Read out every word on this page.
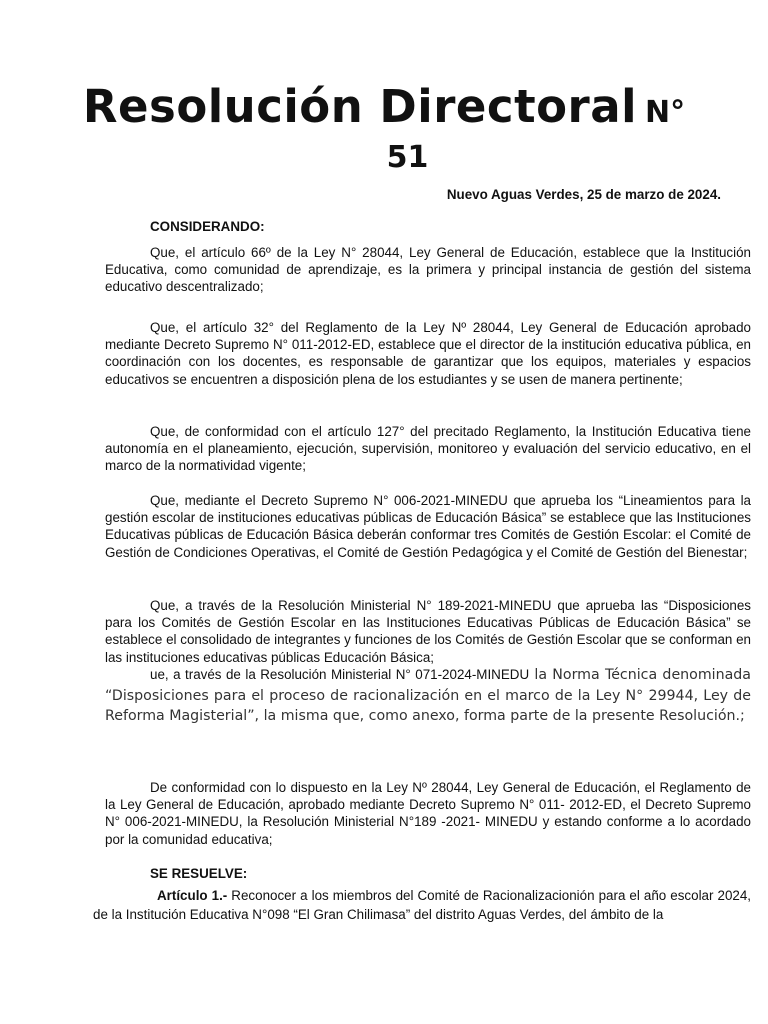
Resolución Directoral N°
51
Nuevo Aguas Verdes, 25 de marzo de 2024.
CONSIDERANDO:

Que, el artículo 66º de la Ley N° 28044, Ley General de Educación, establece que la Institución Educativa, como comunidad de aprendizaje, es la primera y principal instancia de gestión del sistema educativo descentralizado;

Que, el artículo 32° del Reglamento de la Ley Nº 28044, Ley General de Educación aprobado mediante Decreto Supremo N° 011-2012-ED, establece que el director de la institución educativa pública, en coordinación con los docentes, es responsable de garantizar que los equipos, materiales y espacios educativos se encuentren a disposición plena de los estudiantes y se usen de manera pertinente;

Que, de conformidad con el artículo 127° del precitado Reglamento, la Institución Educativa tiene autonomía en el planeamiento, ejecución, supervisión, monitoreo y evaluación del servicio educativo, en el marco de la normatividad vigente;

Que, mediante el Decreto Supremo N° 006-2021-MINEDU que aprueba los “Lineamientos para la gestión escolar de instituciones educativas públicas de Educación Básica” se establece que las Instituciones Educativas públicas de Educación Básica deberán conformar tres Comités de Gestión Escolar: el Comité de Gestión de Condiciones Operativas, el Comité de Gestión Pedagógica y el Comité de Gestión del Bienestar;

Que, a través de la Resolución Ministerial N° 189-2021-MINEDU que aprueba las “Disposiciones para los Comités de Gestión Escolar en las Instituciones Educativas Públicas de Educación Básica” se establece el consolidado de integrantes y funciones de los Comités de Gestión Escolar que se conforman en las instituciones educativas públicas Educación Básica;

ue, a través de la Resolución Ministerial N° 071-2024-MINEDU la Norma Técnica denominada “Disposiciones para el proceso de racionalización en el marco de la Ley N° 29944, Ley de Reforma Magisterial”, la misma que, como anexo, forma parte de la presente Resolución.;

De conformidad con lo dispuesto en la Ley Nº 28044, Ley General de Educación, el Reglamento de la Ley General de Educación, aprobado mediante Decreto Supremo N° 011- 2012-ED, el Decreto Supremo N° 006-2021-MINEDU, la Resolución Ministerial N°189 -2021- MINEDU y estando conforme a lo acordado por la comunidad educativa;

SE RESUELVE:

Artículo 1.- Reconocer a los miembros del Comité de Racionalizacionión para el año escolar 2024, de la Institución Educativa N°098 “El Gran Chilimasa” del distrito Aguas Verdes, del ámbito de la
